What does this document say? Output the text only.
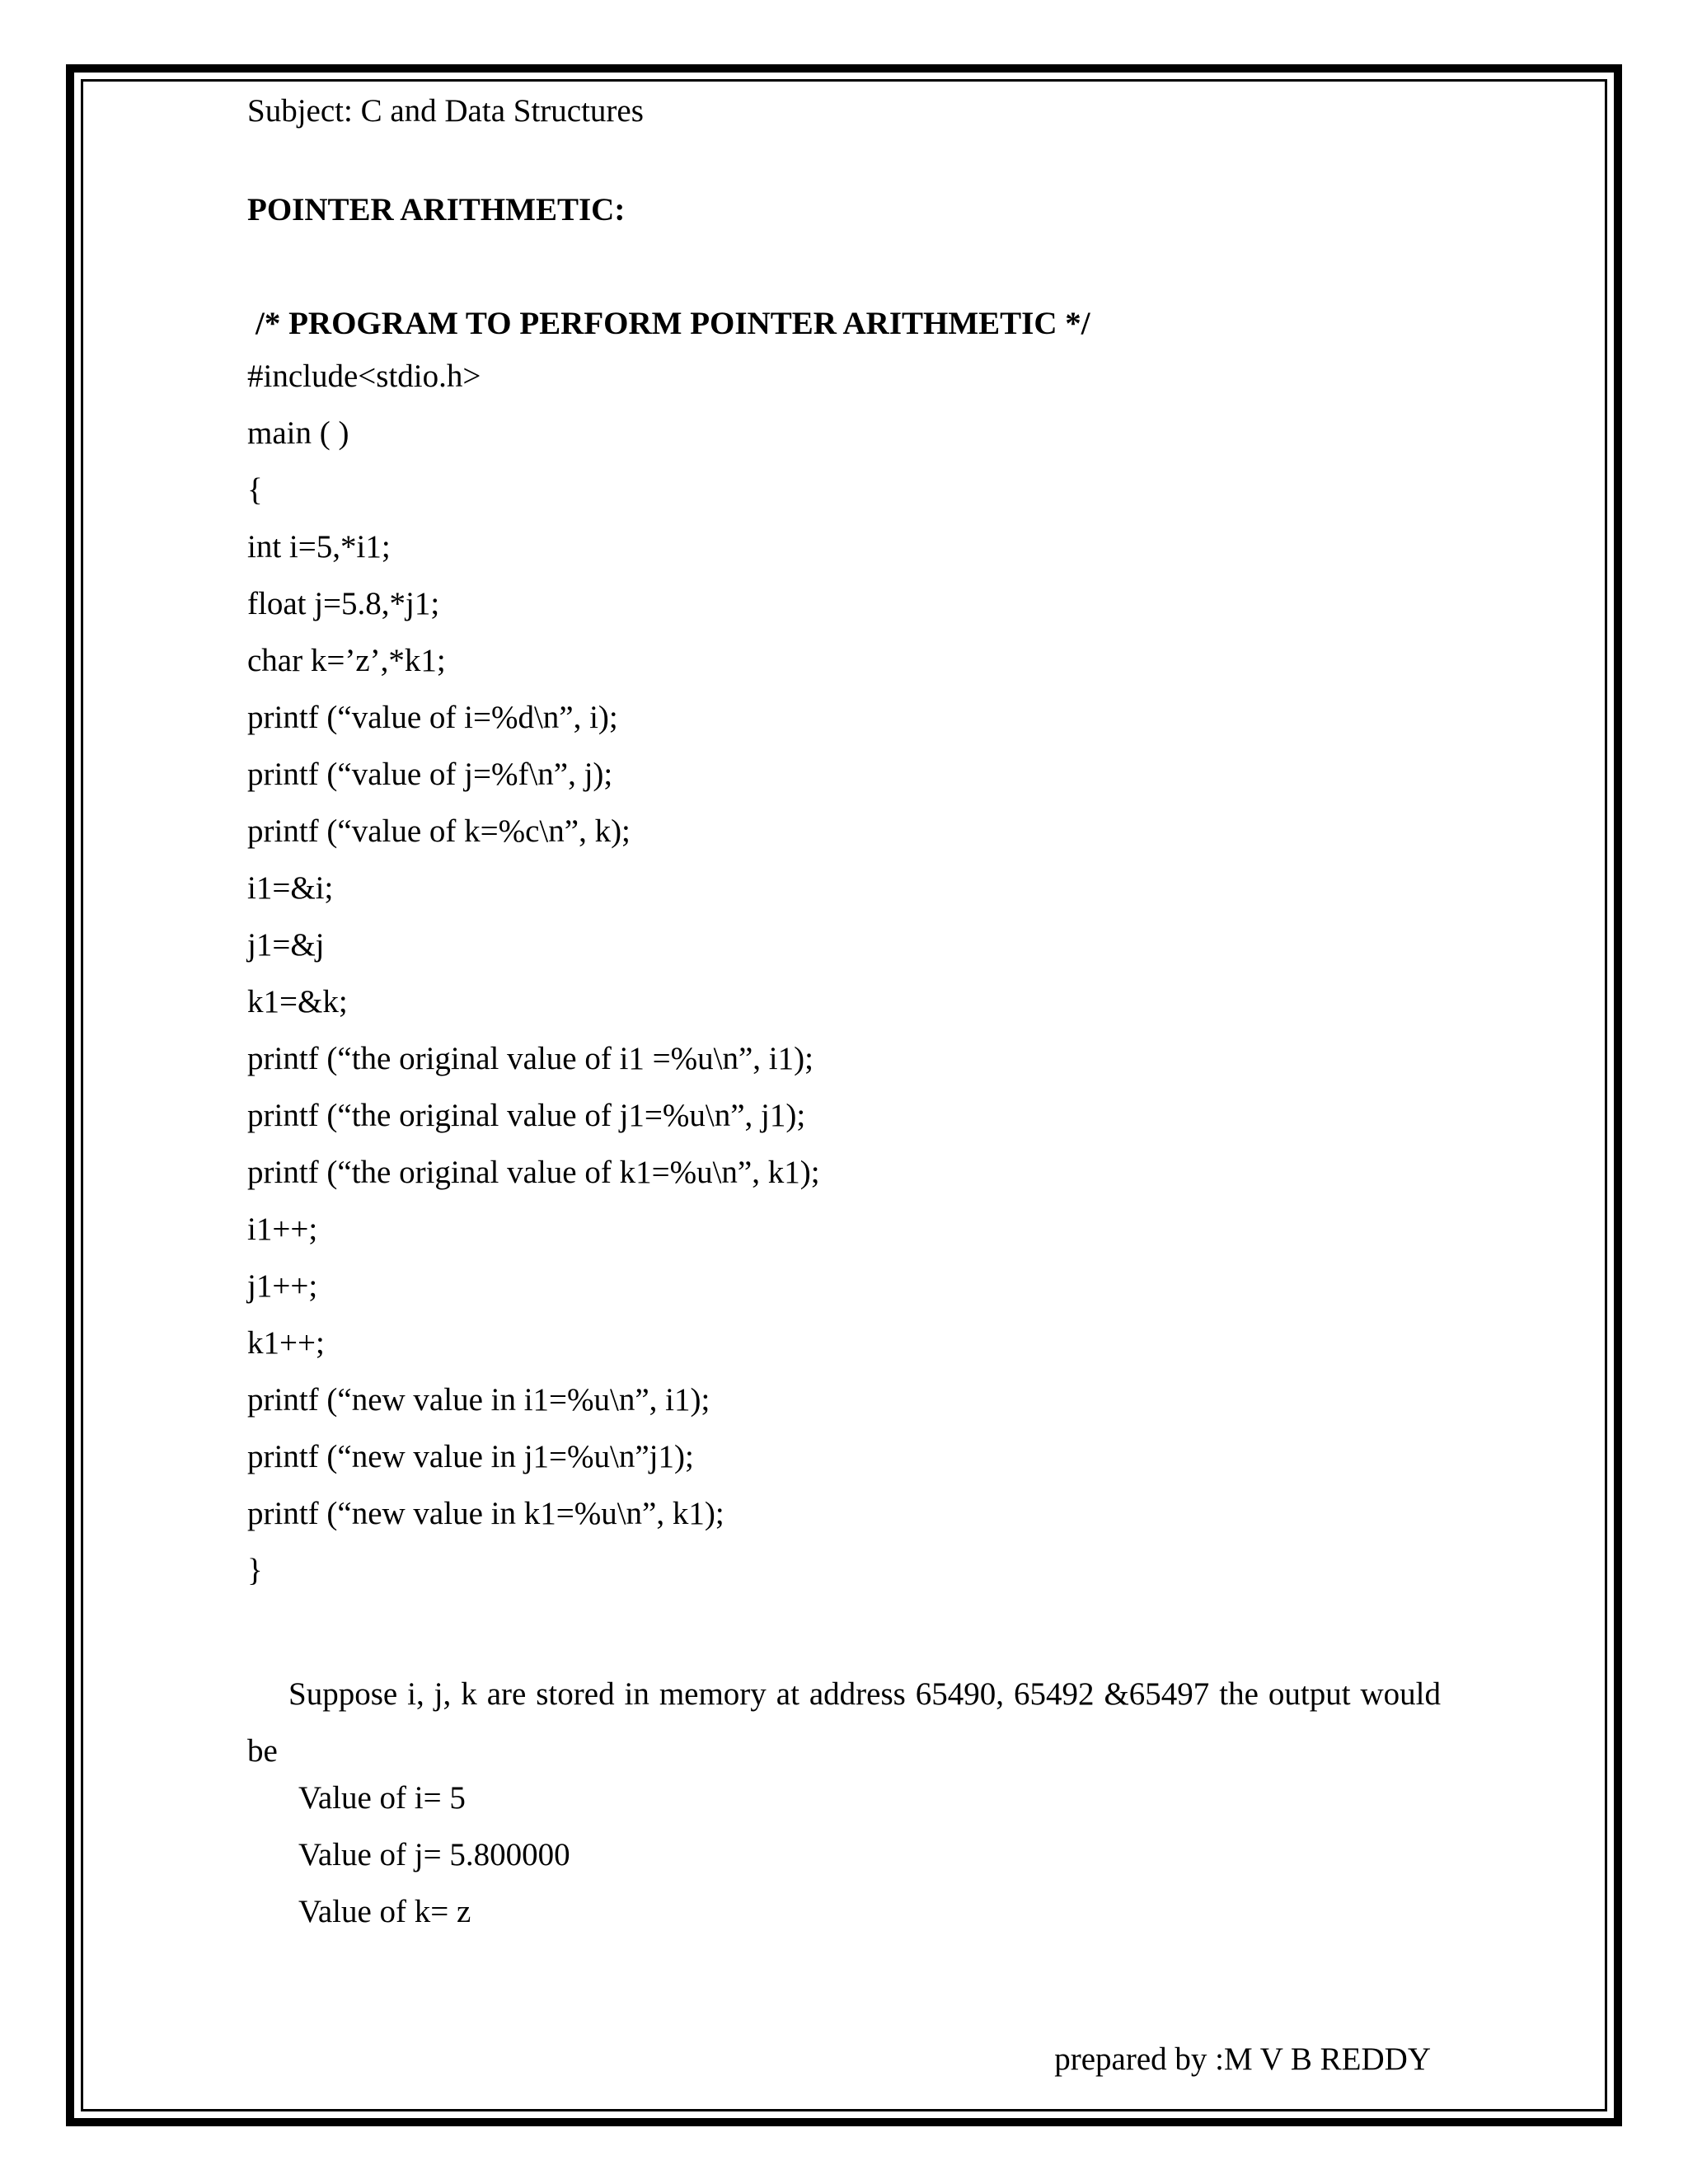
Subject: C and Data Structures
POINTER ARITHMETIC:
/* PROGRAM TO PERFORM POINTER ARITHMETIC */
#include<stdio.h>
main ( )
{
int i=5,*i1;
float j=5.8,*j1;
char k=’z’,*k1;
printf (“value of i=%d\n”, i);
printf (“value of j=%f\n”, j);
printf (“value of k=%c\n”, k);
i1=&i;
j1=&j
k1=&k;
printf (“the original value of i1 =%u\n”, i1);
printf (“the original value of j1=%u\n”, j1);
printf (“the original value of k1=%u\n”, k1);
i1++;
j1++;
k1++;
printf (“new value in i1=%u\n”, i1);
printf (“new value in j1=%u\n”j1);
printf (“new value in k1=%u\n”, k1);
}
Suppose i, j, k are stored in memory at address 65490, 65492 &65497 the output would be
Value of i= 5
Value of j= 5.800000
Value of k= z
prepared by :M V B REDDY
